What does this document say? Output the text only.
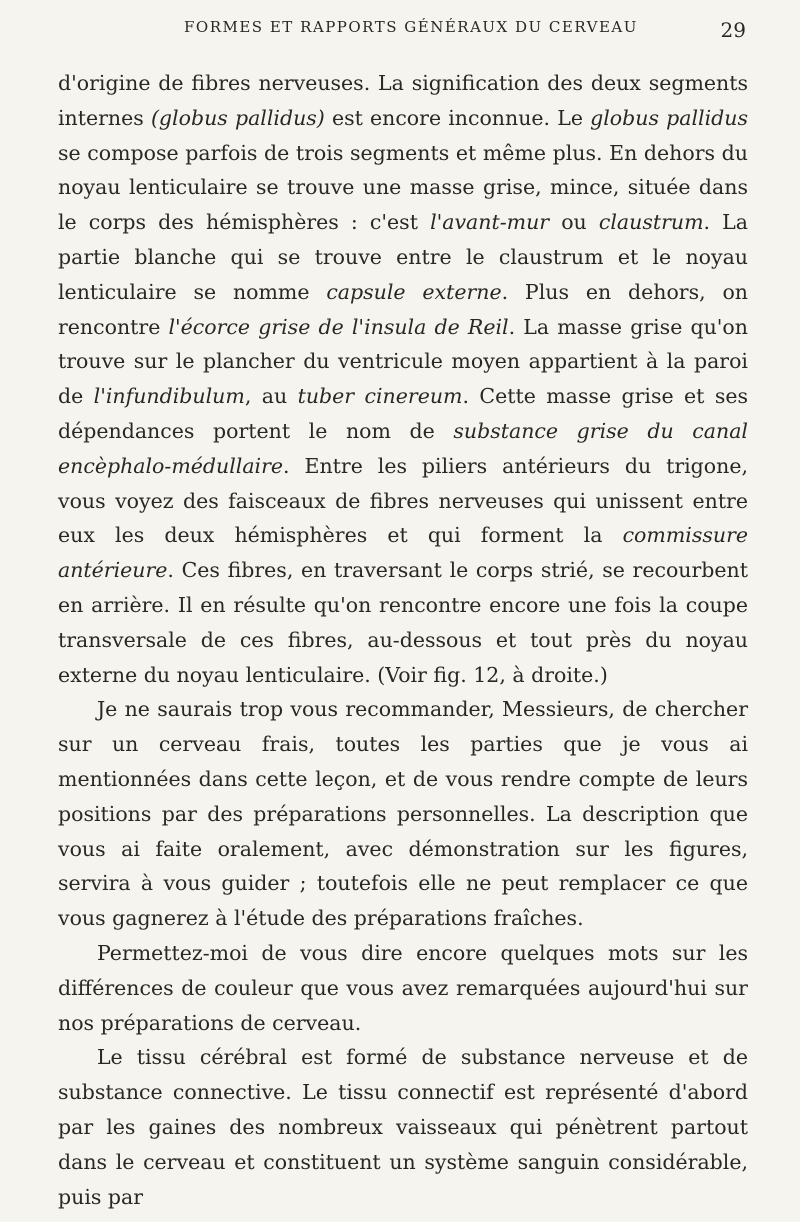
FORMES ET RAPPORTS GÉNÉRAUX DU CERVEAU	29

d'origine de fibres nerveuses. La signification des deux segments internes (globus pallidus) est encore inconnue. Le globus pallidus se compose parfois de trois segments et même plus. En dehors du noyau lenticulaire se trouve une masse grise, mince, située dans le corps des hémisphères : c'est l'avant-mur ou claustrum. La partie blanche qui se trouve entre le claustrum et le noyau lenticulaire se nomme capsule externe. Plus en dehors, on rencontre l'écorce grise de l'insula de Reil. La masse grise qu'on trouve sur le plancher du ventricule moyen appartient à la paroi de l'infundibulum, au tuber cinereum. Cette masse grise et ses dépendances portent le nom de substance grise du canal encèphalo-médullaire. Entre les piliers antérieurs du trigone, vous voyez des faisceaux de fibres nerveuses qui unissent entre eux les deux hémisphères et qui forment la commissure antérieure. Ces fibres, en traversant le corps strié, se recourbent en arrière. Il en résulte qu'on rencontre encore une fois la coupe transversale de ces fibres, au-dessous et tout près du noyau externe du noyau lenticulaire. (Voir fig. 12, à droite.)

Je ne saurais trop vous recommander, Messieurs, de chercher sur un cerveau frais, toutes les parties que je vous ai mentionnées dans cette leçon, et de vous rendre compte de leurs positions par des préparations personnelles. La description que vous ai faite oralement, avec démonstration sur les figures, servira à vous guider ; toutefois elle ne peut remplacer ce que vous gagnerez à l'étude des préparations fraîches.

Permettez-moi de vous dire encore quelques mots sur les différences de couleur que vous avez remarquées aujourd'hui sur nos préparations de cerveau.

Le tissu cérébral est formé de substance nerveuse et de substance connective. Le tissu connectif est représenté d'abord par les gaines des nombreux vaisseaux qui pénètrent partout dans le cerveau et constituent un système sanguin considérable, puis par
